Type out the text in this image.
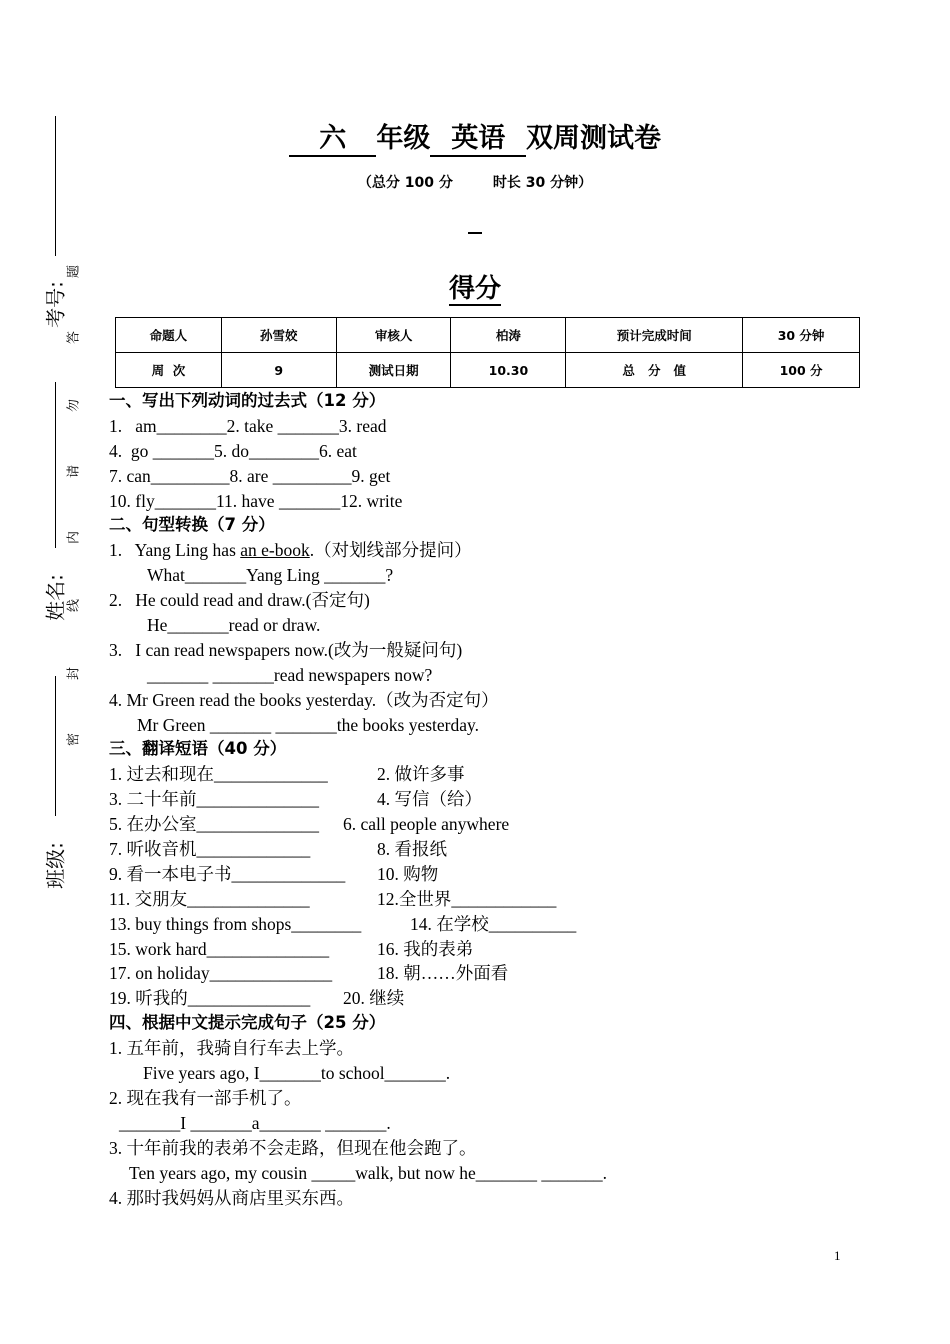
考号:
姓名:
班级:
题
答
勿
请
内
线
封
密
六 年级 英语 双周测试卷
（总分 100 分	时长 30 分钟）
得分
命题人	孙雪姣	审核人	柏涛	预计完成时间	30 分钟
周  次	9	测试日期	10.30	总   分   值	100 分
一、写出下列动词的过去式（12 分）
1.   am________2. take _______3. read
4.  go _______5. do________6. eat
7. can_________8. are _________9. get
10. fly_______11. have _______12. write
二、句型转换（7 分）
1.   Yang Ling has an e-book.（对划线部分提问）
What_______Yang Ling _______?
2.   He could read and draw.(否定句)
He_______read or draw.
3.   I can read newspapers now.(改为一般疑问句)
_______ _______read newspapers now?
4. Mr Green read the books yesterday.（改为否定句）
Mr Green _______ _______the books yesterday.
三、翻译短语（40 分）
1. 过去和现在_____________	2. 做许多事
3. 二十年前______________	4. 写信（给）
5. 在办公室______________ 6. call people anywhere
7. 听收音机_____________	8. 看报纸
9. 看一本电子书_____________ 10. 购物
11. 交朋友______________	12.全世界____________
13. buy things from shops________	14. 在学校__________
15. work hard______________	16. 我的表弟
17. on holiday______________	18. 朝……外面看
19. 听我的______________ 20. 继续
四、根据中文提示完成句子（25 分）
1. 五年前，我骑自行车去上学。
Five years ago, I_______to school_______.
2. 现在我有一部手机了。
_______I _______a_______ _______.
3. 十年前我的表弟不会走路，但现在他会跑了。
Ten years ago, my cousin _____walk, but now he_______ _______.
4. 那时我妈妈从商店里买东西。
1
